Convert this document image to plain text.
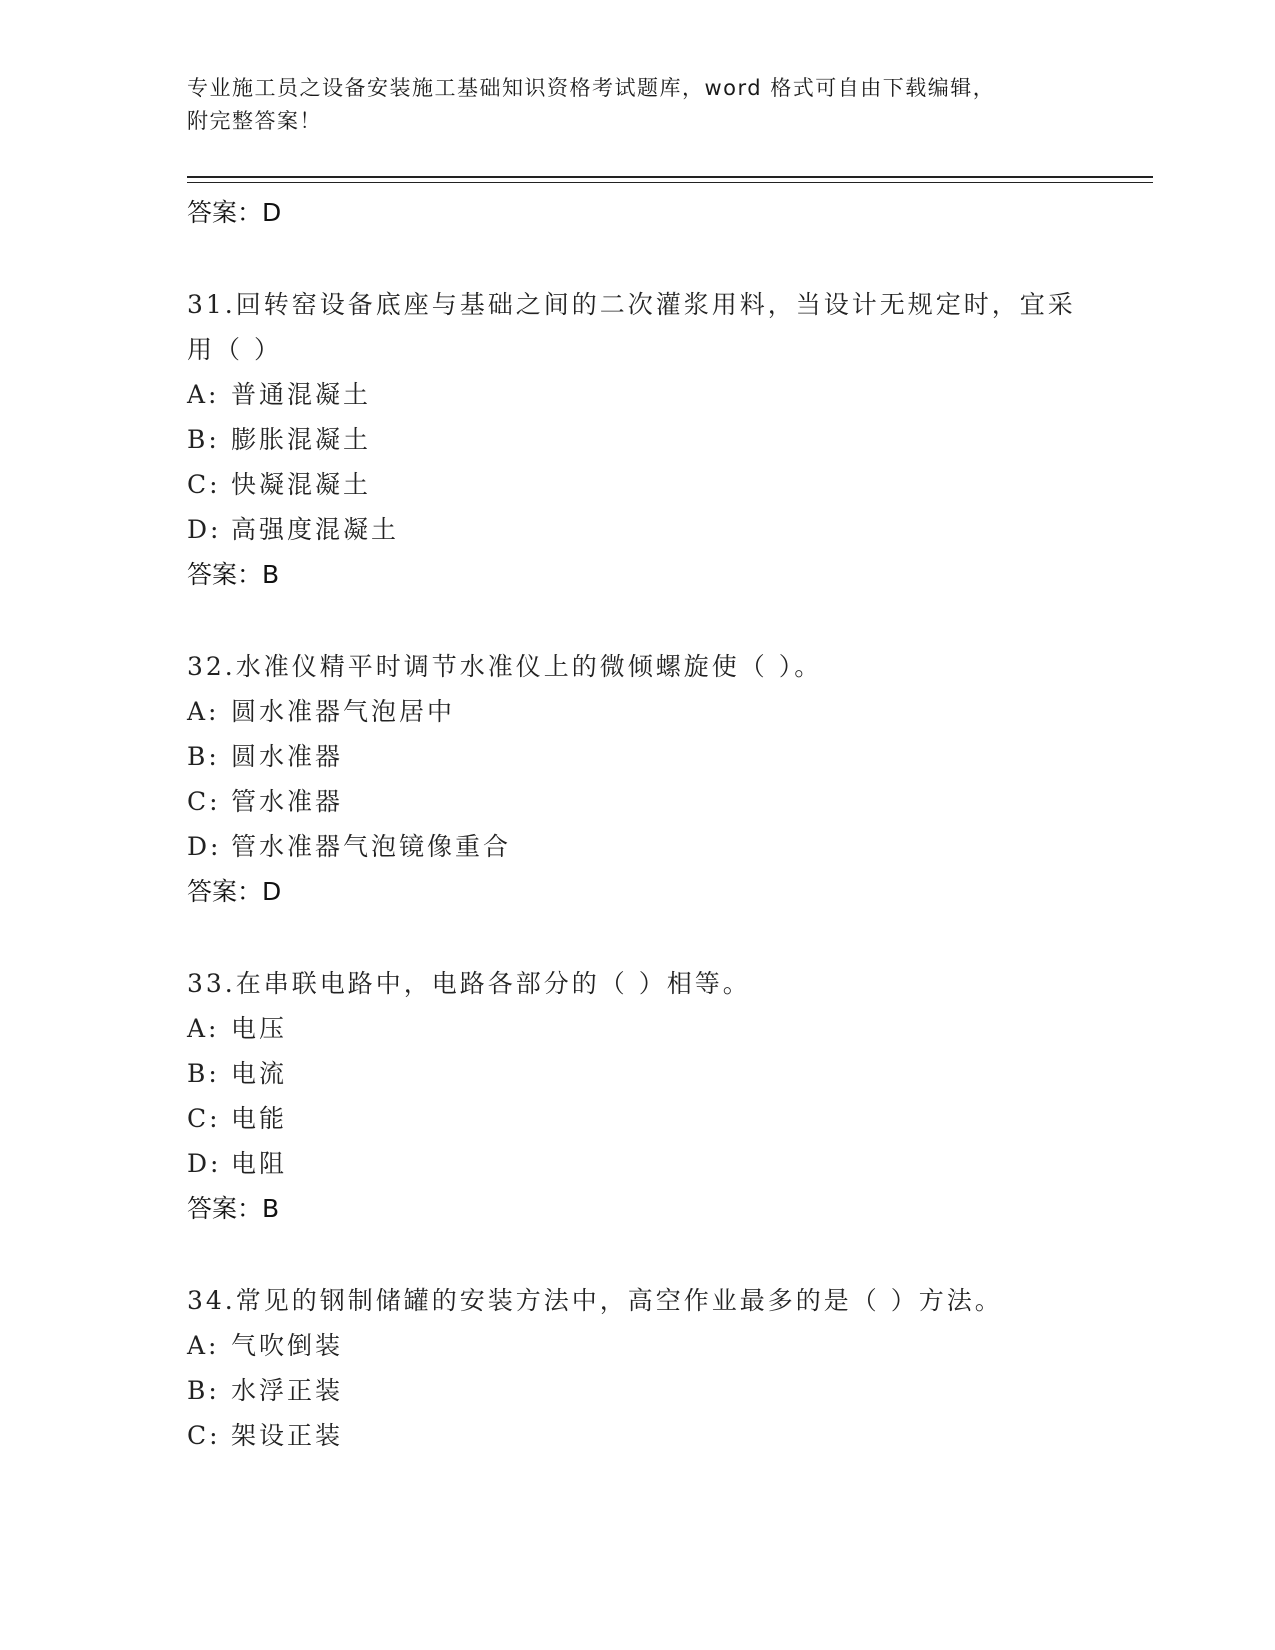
专业施工员之设备安装施工基础知识资格考试题库，word 格式可自由下载编辑，
附完整答案！
答案：D
31.回转窑设备底座与基础之间的二次灌浆用料，当设计无规定时，宜采用（ ）
A: 普通混凝土
B: 膨胀混凝土
C: 快凝混凝土
D: 高强度混凝土
答案：B
32.水准仪精平时调节水准仪上的微倾螺旋使（ ）。
A: 圆水准器气泡居中
B: 圆水准器
C: 管水准器
D: 管水准器气泡镜像重合
答案：D
33.在串联电路中，电路各部分的（ ）相等。
A: 电压
B: 电流
C: 电能
D: 电阻
答案：B
34.常见的钢制储罐的安装方法中，高空作业最多的是（ ）方法。
A: 气吹倒装
B: 水浮正装
C: 架设正装
